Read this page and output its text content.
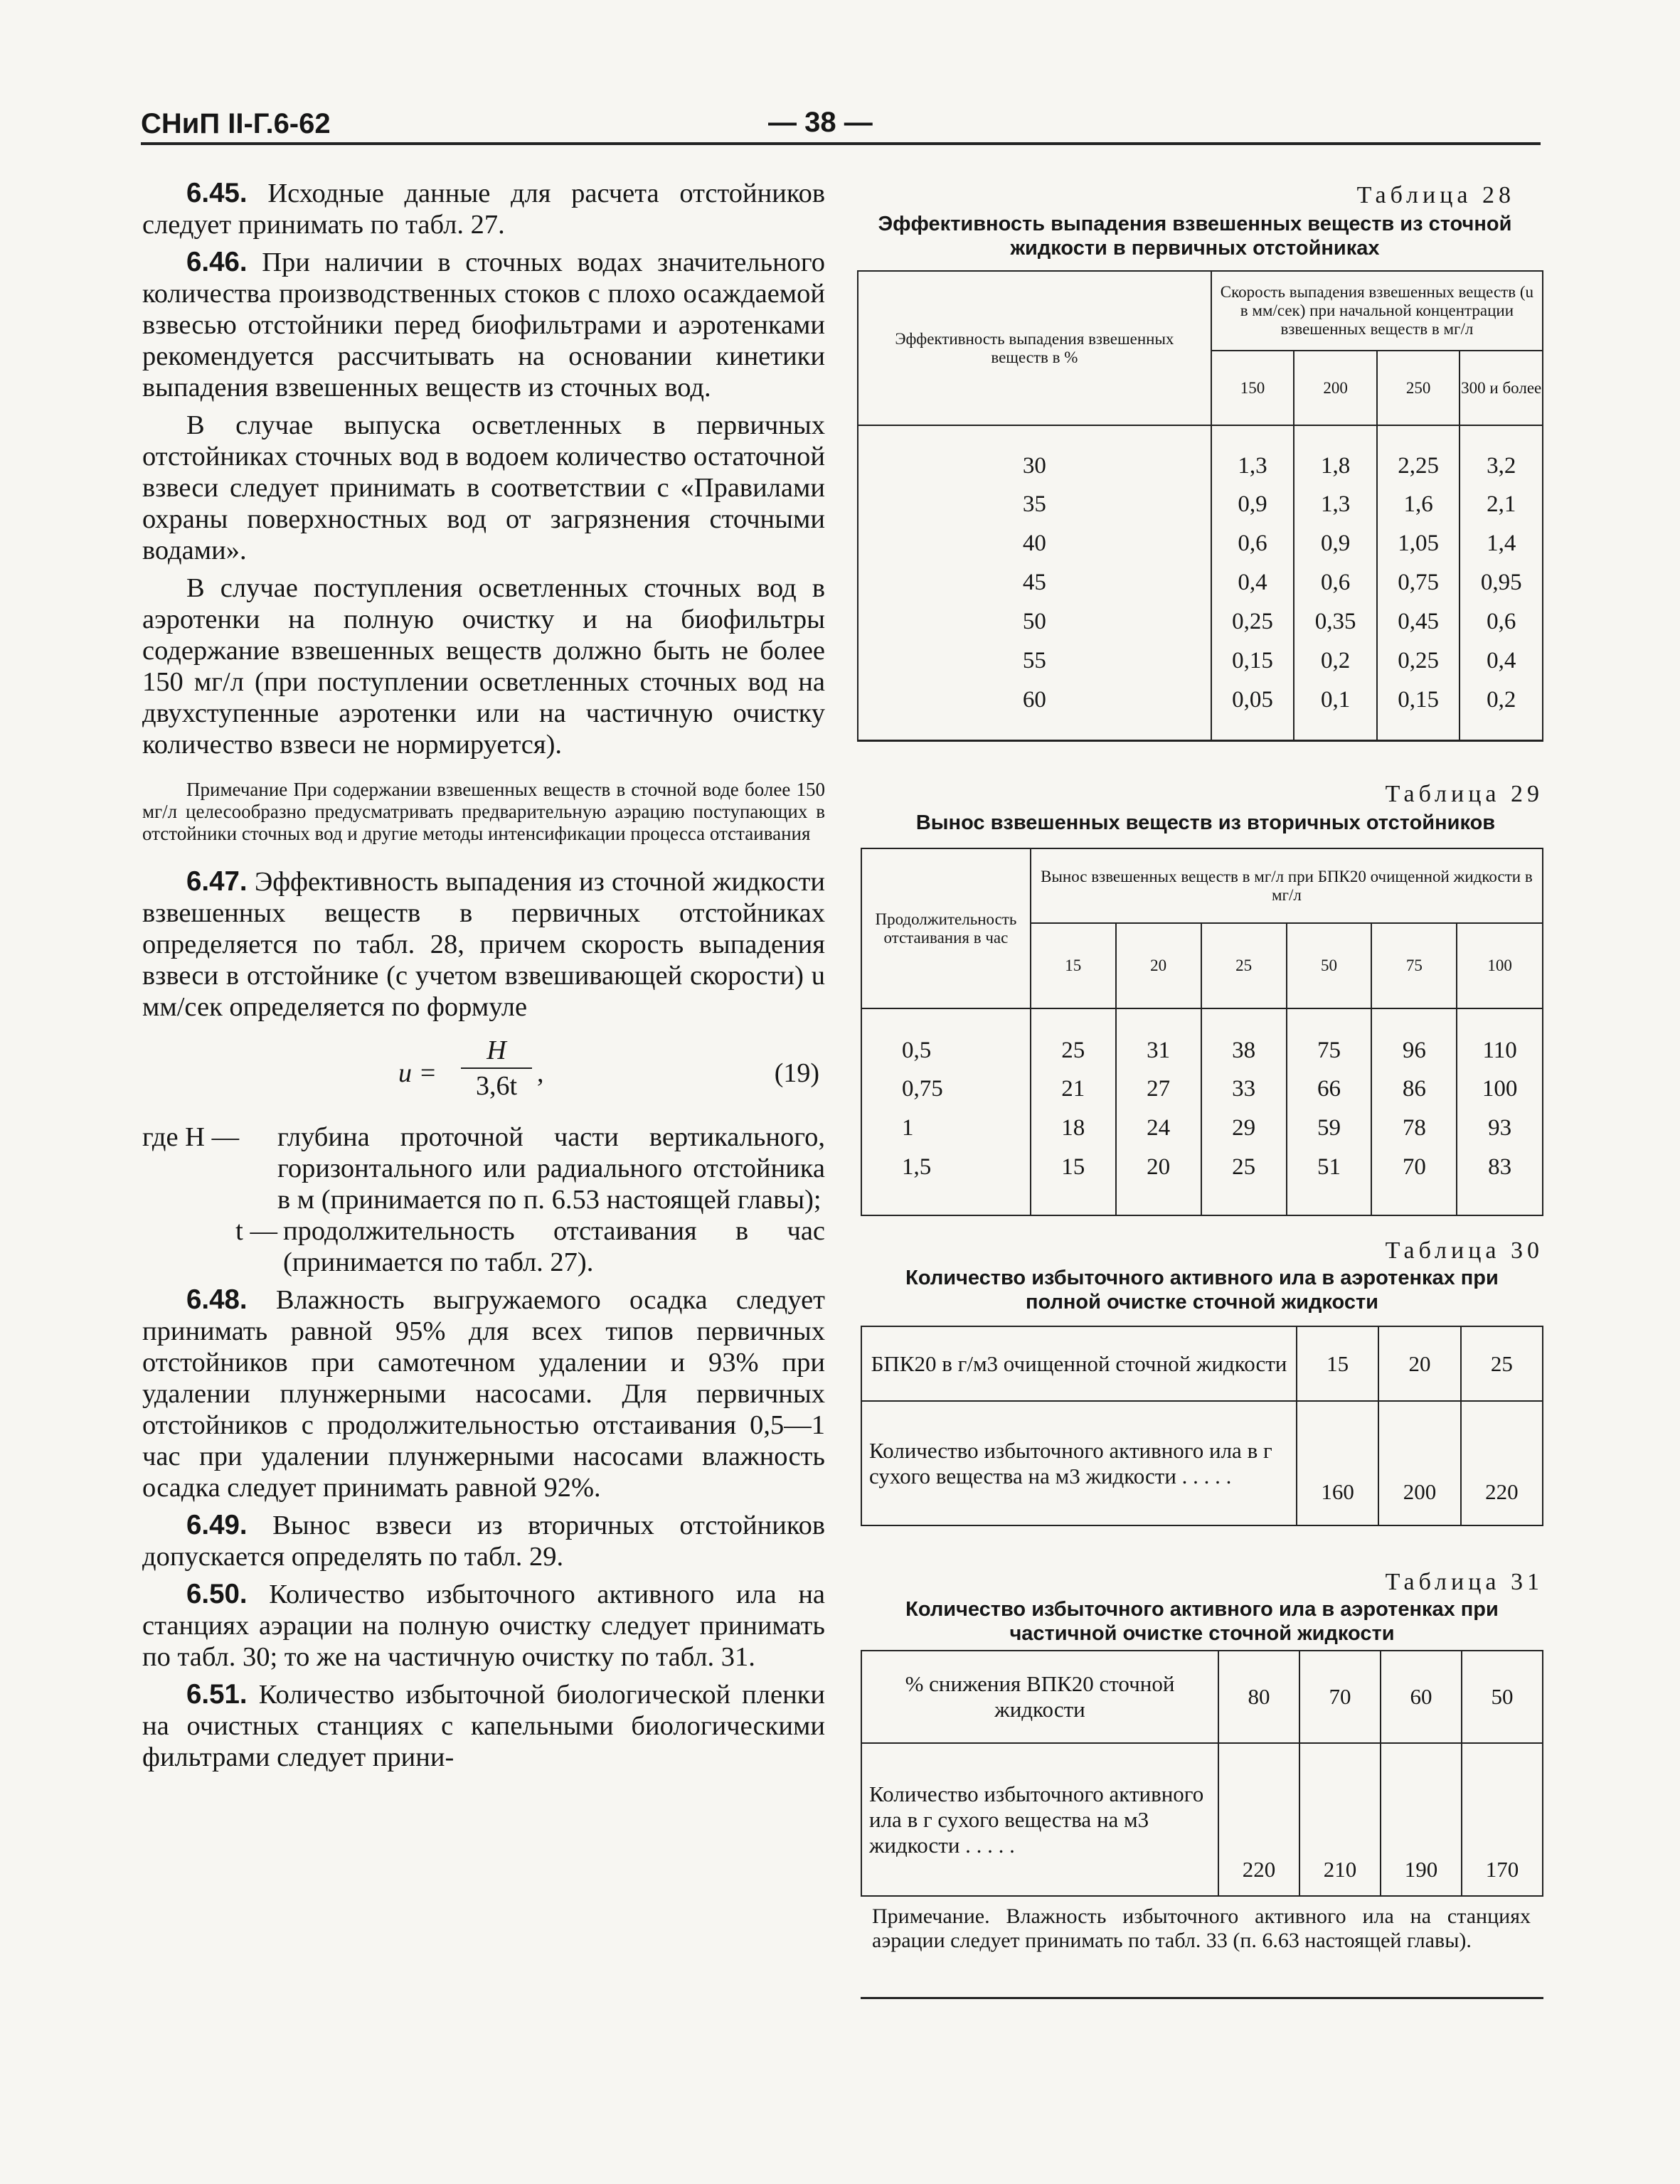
СНиП II-Г.6-62	— 38 —

6.45. Исходные данные для расчета отстойников следует принимать по табл. 27.

6.46. При наличии в сточных водах значительного количества производственных стоков с плохо осаждаемой взвесью отстойники перед биофильтрами и аэротенками рекомендуется рассчитывать на основании кинетики выпадения взвешенных веществ из сточных вод.

В случае выпуска осветленных в первичных отстойниках сточных вод в водоем количество остаточной взвеси следует принимать в соответствии с «Правилами охраны поверхностных вод от загрязнения сточными водами».

В случае поступления осветленных сточных вод в аэротенки на полную очистку и на биофильтры содержание взвешенных веществ должно быть не более 150 мг/л (при поступлении осветленных сточных вод на двухступенные аэротенки или на частичную очистку количество взвеси не нормируется).

Примечание При содержании взвешенных веществ в сточной воде более 150 мг/л целесообразно предусматривать предварительную аэрацию поступающих в отстойники сточных вод и другие методы интенсификации процесса отстаивания

6.47. Эффективность выпадения из сточной жидкости взвешенных веществ в первичных отстойниках определяется по табл. 28, причем скорость выпадения взвеси в отстойнике (с учетом взвешивающей скорости) u мм/сек определяется по формуле

$u = \frac{H}{3,6t}$ ,	(19)
где H —	глубина проточной части вертикального, горизонтального или радиального отстойника в м (принимается по п. 6.53 настоящей главы);
t — продолжительность отстаивания в час (принимается по табл. 27).

6.48. Влажность выгружаемого осадка следует принимать равной 95% для всех типов первичных отстойников при самотечном удалении и 93% при удалении плунжерными насосами. Для первичных отстойников с продолжительностью отстаивания 0,5—1 час при удалении плунжерными насосами влажность осадка следует принимать равной 92%.

6.49. Вынос взвеси из вторичных отстойников допускается определять по табл. 29.

6.50. Количество избыточного активного ила на станциях аэрации на полную очистку следует принимать по табл. 30; то же на частичную очистку по табл. 31.

6.51. Количество избыточной биологической пленки на очистных станциях с капельными биологическими фильтрами следует прини-

Таблица 28
Эффективность выпадения взвешенных веществ из сточной жидкости в первичных отстойниках
Эффективность выпадения взвешенных веществ в %	Скорость выпадения взвешенных веществ (u в мм/сек) при начальной концентрации взвешенных веществ в мг/л			
	150	200	250	300 и более
30	1,3	1,8	2,25	3,2
35	0,9	1,3	1,6	2,1
40	0,6	0,9	1,05	1,4
45	0,4	0,6	0,75	0,95
50	0,25	0,35	0,45	0,6
55	0,15	0,2	0,25	0,4
60	0,05	0,1	0,15	0,2

Таблица 29
Вынос взвешенных веществ из вторичных отстойников
Продолжительность отстаивания в час	Вынос взвешенных веществ в мг/л при БПК20 очищенной жидкости в мг/л					
	15	20	25	50	75	100
0,5	25	31	38	75	96	110
0,75	21	27	33	66	86	100
1	18	24	29	59	78	93
1,5	15	20	25	51	70	83

Таблица 30
Количество избыточного активного ила в аэротенках при полной очистке сточной жидкости
БПК20 в г/м3 очищенной сточной жидкости	15	20	25
Количество избыточного активного ила в г сухого вещества на м3 жидкости . . . . .	160	200	220
Таблица 31
Количество избыточного активного ила в аэротенках при частичной очистке сточной жидкости
% снижения ВПК20 сточной жидкости	80	70	60	50
Количество избыточного активного ила в г сухого вещества на м3 жидкости . . . . .	220	210	190	170
Примечание. Влажность избыточного активного ила на станциях аэрации следует принимать по табл. 33 (п. 6.63 настоящей главы).
